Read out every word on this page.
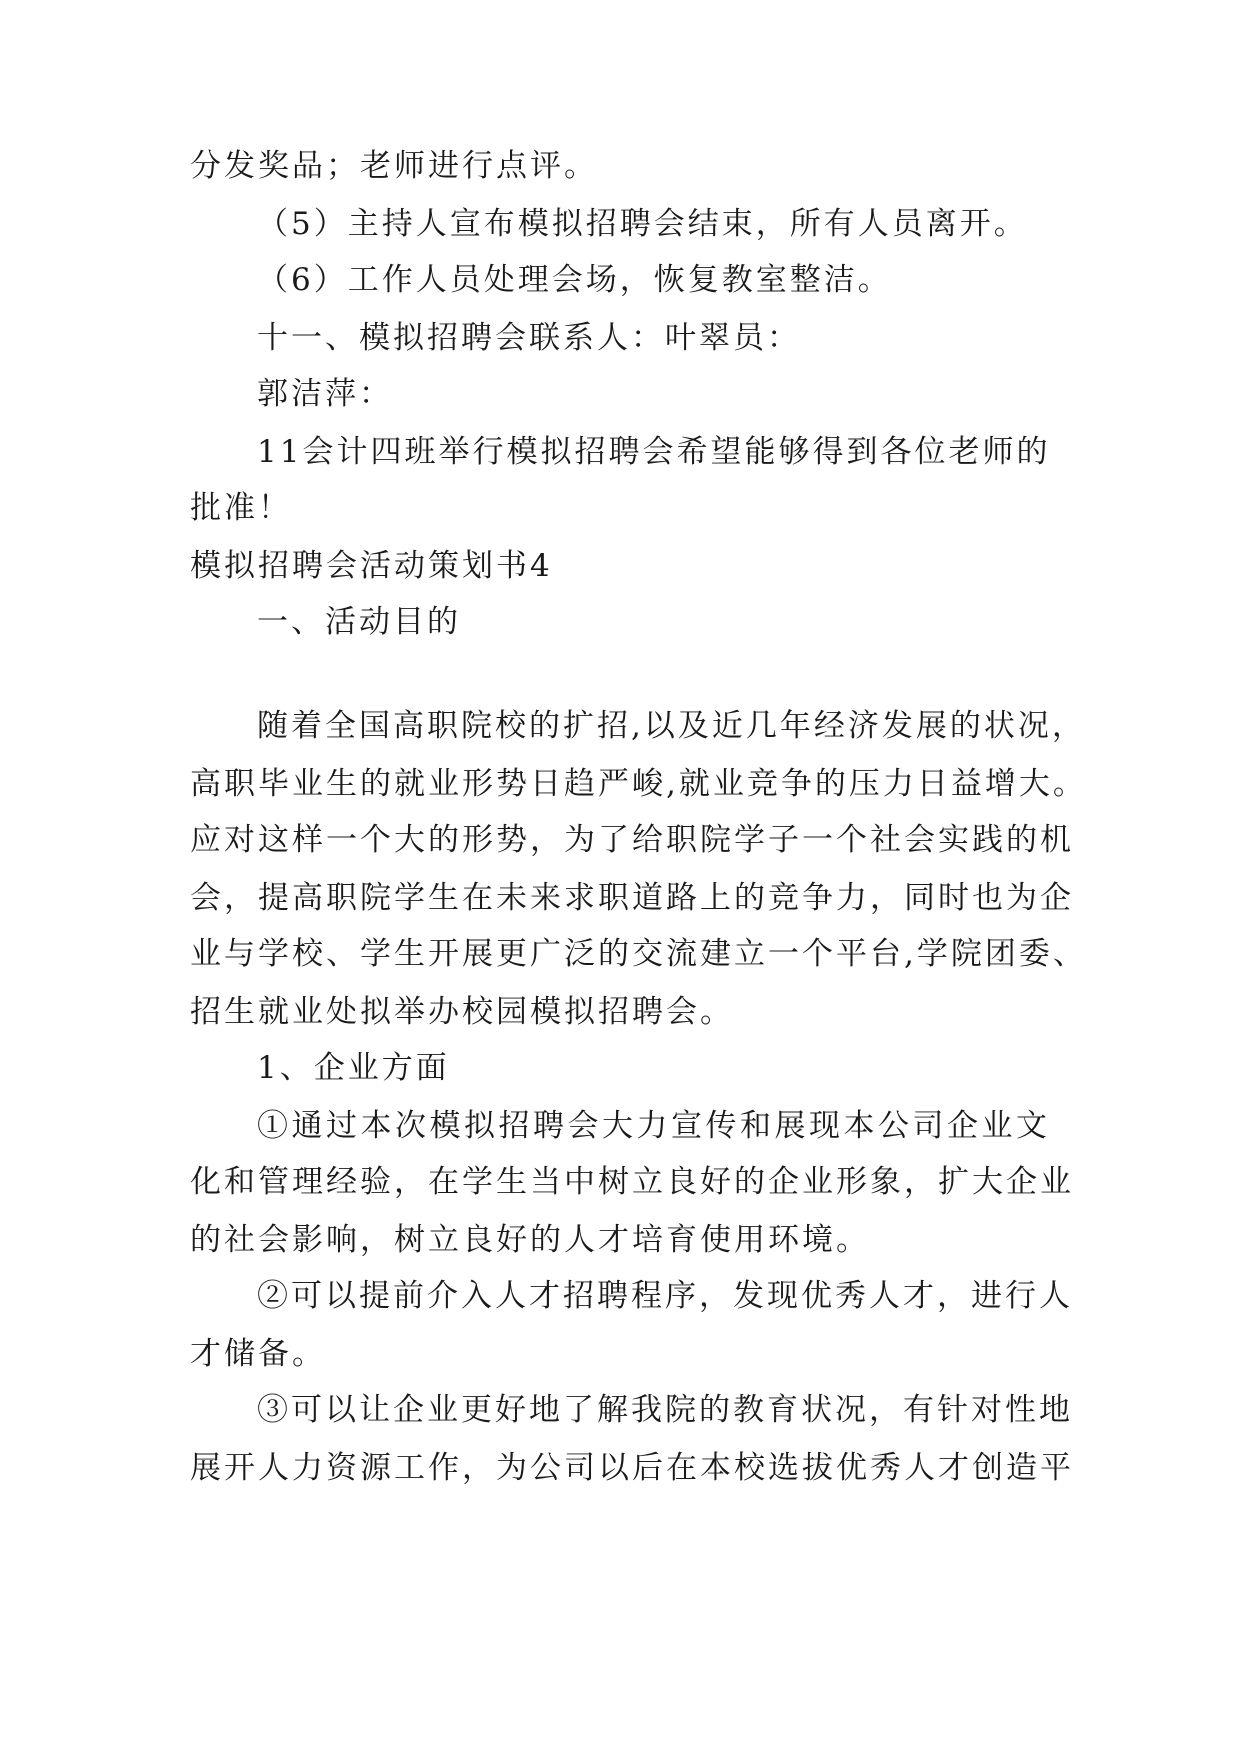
分发奖品；老师进行点评。
（5）主持人宣布模拟招聘会结束，所有人员离开。
（6）工作人员处理会场，恢复教室整洁。
十一、模拟招聘会联系人：叶翠员：
郭洁萍：
11会计四班举行模拟招聘会希望能够得到各位老师的
批准！
模拟招聘会活动策划书4
一、活动目的
随着全国高职院校的扩招,以及近几年经济发展的状况，
高职毕业生的就业形势日趋严峻,就业竞争的压力日益增大。
应对这样一个大的形势，为了给职院学子一个社会实践的机
会，提高职院学生在未来求职道路上的竞争力，同时也为企
业与学校、学生开展更广泛的交流建立一个平台,学院团委、
招生就业处拟举办校园模拟招聘会。
1、企业方面
①通过本次模拟招聘会大力宣传和展现本公司企业文
化和管理经验，在学生当中树立良好的企业形象，扩大企业
的社会影响，树立良好的人才培育使用环境。
②可以提前介入人才招聘程序，发现优秀人才，进行人
才储备。
③可以让企业更好地了解我院的教育状况，有针对性地
展开人力资源工作，为公司以后在本校选拔优秀人才创造平
